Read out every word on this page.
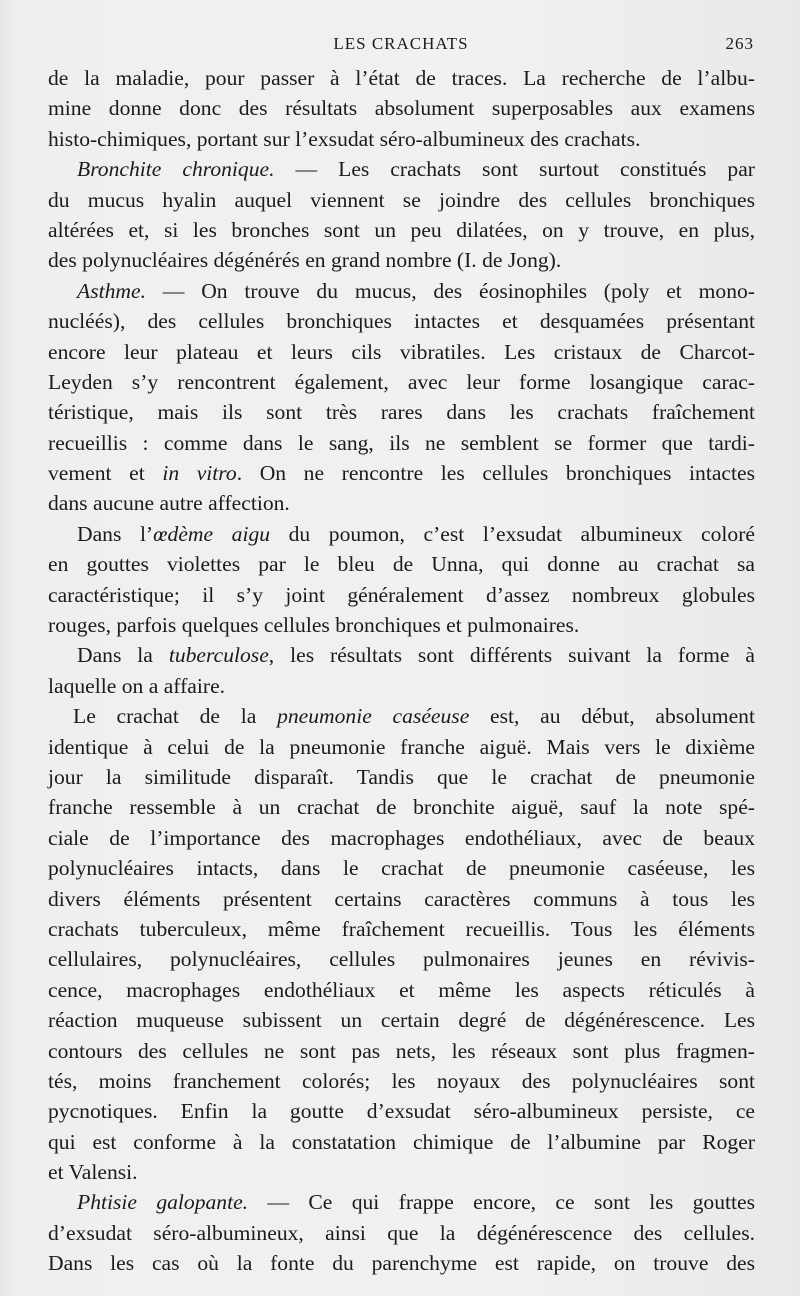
LES CRACHATS	263
de la maladie, pour passer à l’état de traces. La recherche de l’albu-
mine donne donc des résultats absolument superposables aux examens
histo-chimiques, portant sur l’exsudat séro-albumineux des crachats.
Bronchite chronique. — Les crachats sont surtout constitués par
du mucus hyalin auquel viennent se joindre des cellules bronchiques
altérées et, si les bronches sont un peu dilatées, on y trouve, en plus,
des polynucléaires dégénérés en grand nombre (I. de Jong).
Asthme. — On trouve du mucus, des éosinophiles (poly et mono-
nucléés), des cellules bronchiques intactes et desquamées présentant
encore leur plateau et leurs cils vibratiles. Les cristaux de Charcot-
Leyden s’y rencontrent également, avec leur forme losangique carac-
téristique, mais ils sont très rares dans les crachats fraîchement
recueillis : comme dans le sang, ils ne semblent se former que tardi-
vement et in vitro. On ne rencontre les cellules bronchiques intactes
dans aucune autre affection.
Dans l’œdème aigu du poumon, c’est l’exsudat albumineux coloré
en gouttes violettes par le bleu de Unna, qui donne au crachat sa
caractéristique; il s’y joint généralement d’assez nombreux globules
rouges, parfois quelques cellules bronchiques et pulmonaires.
Dans la tuberculose, les résultats sont différents suivant la forme à
laquelle on a affaire.
Le crachat de la pneumonie caséeuse est, au début, absolument
identique à celui de la pneumonie franche aiguë. Mais vers le dixième
jour la similitude disparaît. Tandis que le crachat de pneumonie
franche ressemble à un crachat de bronchite aiguë, sauf la note spé-
ciale de l’importance des macrophages endothéliaux, avec de beaux
polynucléaires intacts, dans le crachat de pneumonie caséeuse, les
divers éléments présentent certains caractères communs à tous les
crachats tuberculeux, même fraîchement recueillis. Tous les éléments
cellulaires, polynucléaires, cellules pulmonaires jeunes en révivis-
cence, macrophages endothéliaux et même les aspects réticulés à
réaction muqueuse subissent un certain degré de dégénérescence. Les
contours des cellules ne sont pas nets, les réseaux sont plus fragmen-
tés, moins franchement colorés; les noyaux des polynucléaires sont
pycnotiques. Enfin la goutte d’exsudat séro-albumineux persiste, ce
qui est conforme à la constatation chimique de l’albumine par Roger
et Valensi.
Phtisie galopante. — Ce qui frappe encore, ce sont les gouttes
d’exsudat séro-albumineux, ainsi que la dégénérescence des cellules.
Dans les cas où la fonte du parenchyme est rapide, on trouve des
